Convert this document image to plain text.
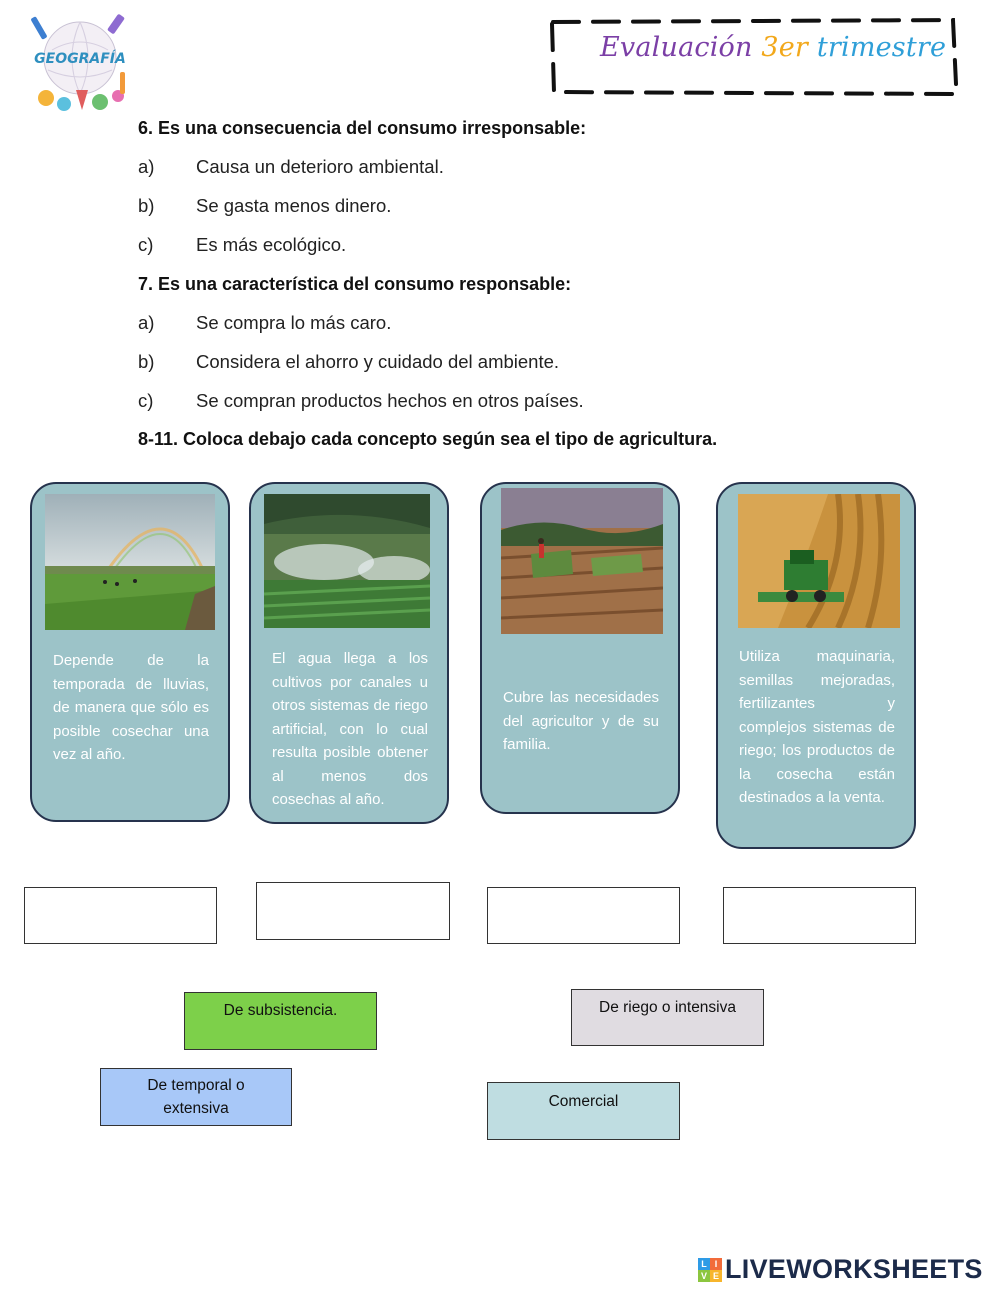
GEOGRAFÍA	Evaluación 3er trimestre
6. Es una consecuencia del consumo irresponsable:
a) Causa un deterioro ambiental.
b) Se gasta menos dinero.
c) Es más ecológico.
7. Es una característica del consumo responsable:
a) Se compra lo más caro.
b) Considera el ahorro y cuidado del ambiente.
c) Se compran productos hechos en otros países.
8-11. Coloca debajo cada concepto según sea el tipo de agricultura.
Depende de la temporada de lluvias, de manera que sólo es posible cosechar una vez al año.
El agua llega a los cultivos por canales u otros sistemas de riego artificial, con lo cual resulta posible obtener al menos dos cosechas al año.
Cubre las necesidades del agricultor y de su familia.
Utiliza maquinaria, semillas mejoradas, fertilizantes y complejos sistemas de riego; los productos de la cosecha están destinados a la venta.
De subsistencia.	De riego o intensiva
De temporal o extensiva	Comercial
L I
V E LIVEWORKSHEETS
